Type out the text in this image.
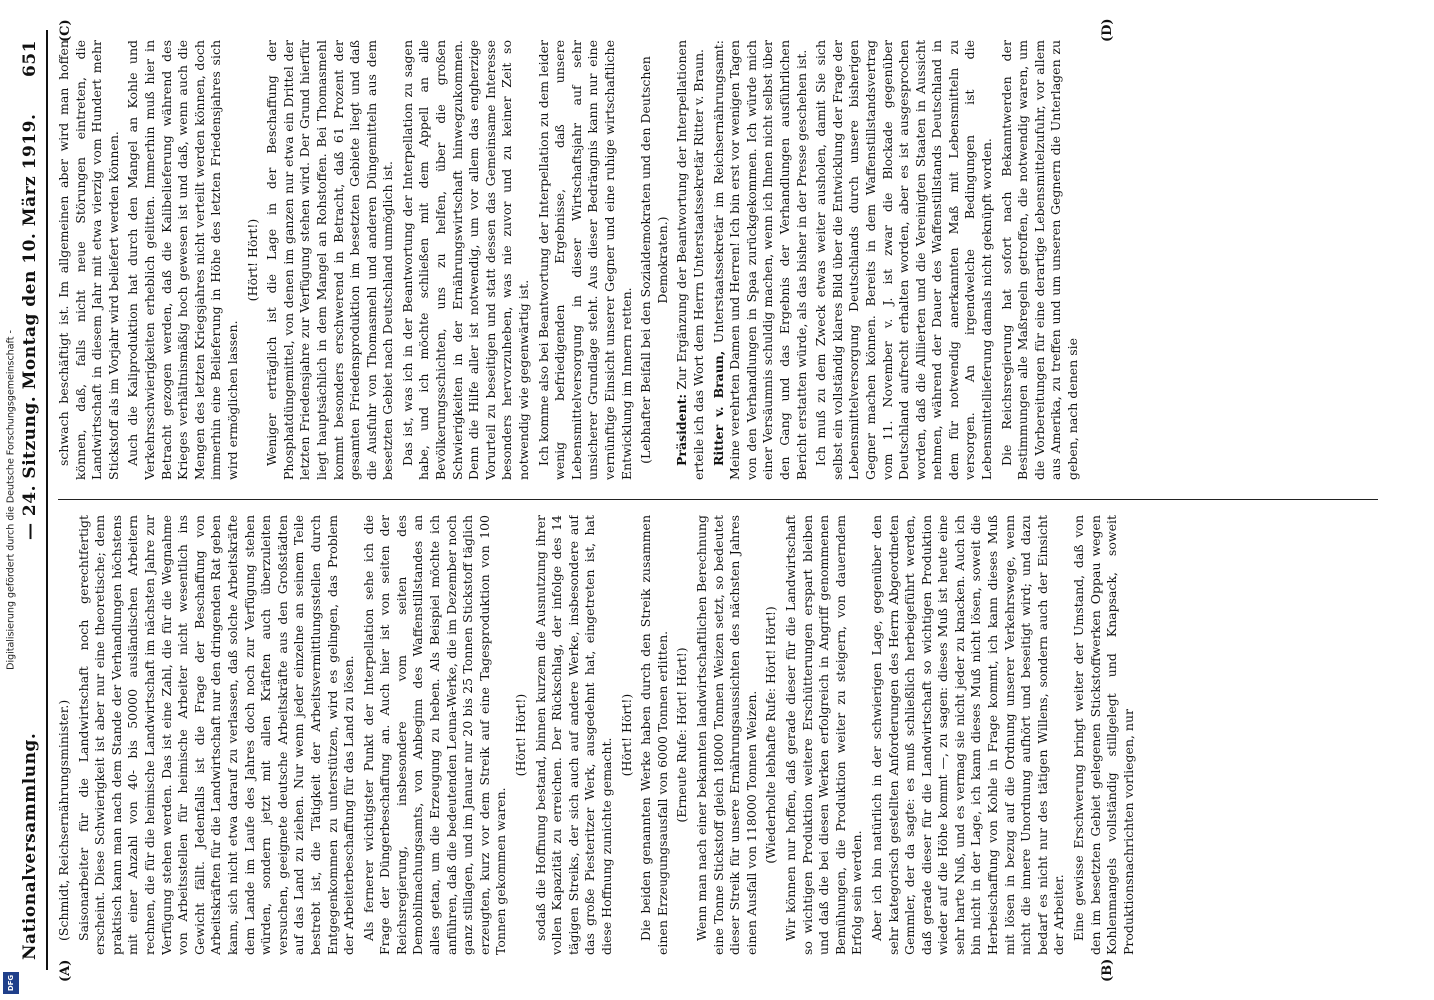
Nationalversammlung.
— 24. Sitzung. Montag den 10. März 1919.
651
(A)	(B)
(C)	(D)
(Schmidt, Reichsernährungsminister.) Saisonarbeiter für die Landwirtschaft noch gerechtfertigt erscheint. Diese Schwierigkeit ist aber nur eine theoretische; denn praktisch kann man nach dem Stande der Verhandlungen höchstens mit einer Anzahl von 40- bis 50000 ausländischen Arbeitern rechnen, die für die heimische Landwirtschaft im nächsten Jahre zur Verfügung stehen werden. Das ist eine Zahl, die für die Wegnahme von Arbeitsstellen für heimische Arbeiter nicht wesentlich ins Gewicht fällt. Jedenfalls ist die Frage der Beschaffung von Arbeitskräften für die Landwirtschaft nur den dringenden Rat geben kann, sich nicht etwa darauf zu verlassen, daß solche Arbeitskräfte dem Lande im Laufe des Jahres doch noch zur Verfügung stehen würden, sondern jetzt mit allen Kräften auch überzuleiten versuchen, geeignete deutsche Arbeitskräfte aus den Großstädten auf das Land zu ziehen. Nur wenn jeder einzelne an seinem Teile bestrebt ist, die Tätigkeit der Arbeitsvermittlungsstellen durch Entgegenkommen zu unterstützen, wird es gelingen, das Problem der Arbeiterbeschaffung für das Land zu lösen. Als fernerer wichtigster Punkt der Interpellation sehe ich die Frage der Düngerbeschaffung an. Auch hier ist von seiten der Reichsregierung, insbesondere vom seiten des Demobilmachungsamts, von Anbeginn des Waffenstillstandes an alles getan, um die Erzeugung zu heben. Als Beispiel möchte ich anführen, daß die bedeutenden Leuna-Werke, die im Dezember noch ganz stillagen, und im Januar nur 20 bis 25 Tonnen Stickstoff täglich erzeugten, kurz vor dem Streik auf eine Tagesproduktion von 100 Tonnen gekommen waren.
(Hört! Hört!) sodaß die Hoffnung bestand, binnen kurzem die Ausnutzung ihrer vollen Kapazität zu erreichen. Der Rückschlag, der infolge des 14 tägigen Streiks, der sich auch auf andere Werke, insbesondere auf das große Piesteritzer Werk, ausgedehnt hat, eingetreten ist, hat diese Hoffnung zunichte gemacht.
(Hört! Hört!) Die beiden genannten Werke haben durch den Streik zusammen einen Erzeugungsausfall von 6000 Tonnen erlitten. (Erneute Rufe: Hört! Hört!) Wenn man nach einer bekannten landwirtschaftlichen Berechnung eine Tonne Stickstoff gleich 18000 Tonnen Weizen setzt, so bedeutet dieser Streik für unsere Ernährungsaussichten des nächsten Jahres einen Ausfall von 118000 Tonnen Weizen. (Wiederholte lebhafte Rufe: Hört! Hört!) Wir können nur hoffen, daß gerade dieser für die Landwirtschaft so wichtigen Produktion weitere Erschütterungen erspart bleiben und daß die bei diesen Werken erfolgreich in Angriff genommenen Bemühungen, die Produktion weiter zu steigern, von dauerndem Erfolg sein werden. Aber ich bin natürlich in der schwierigen Lage, gegenüber den sehr kategorisch gestellten Anforderungen des Herrn Abgeordneten Gemmler, der da sagte: es muß schließlich herbeigeführt werden, daß gerade dieser für die Landwirtschaft so wichtigen Produktion wieder auf die Höhe kommt —, zu sagen: dieses Muß ist heute eine sehr harte Nuß, und es vermag sie nicht jeder zu knacken. Auch ich bin nicht in der Lage, ich kann dieses Muß nicht lösen, soweit die Herbeischaffung von Kohle in Frage kommt, ich kann dieses Muß mit lösen in bezug auf die Ordnung unserer Verkehrswege, wenn nicht die innere Unordnung aufhört und beseitigt wird; und dazu bedarf es nicht nur des tätigen Willens, sondern auch der Einsicht der Arbeiter. Eine gewisse Erschwerung bringt weiter der Umstand, daß von den im besetzten Gebiet gelegenen Stickstoffwerken Oppau wegen Kohlenmangels vollständig stillgelegt und Knapsack, soweit Produktionsnachrichten vorliegen, nur
schwach beschäftigt ist. Im allgemeinen aber wird man hoffen können, daß, falls nicht neue Störungen eintreten, die Landwirtschaft in diesem Jahr mit etwa vierzig vom Hundert mehr Stickstoff als im Vorjahr wird beliefert werden können. Auch die Kaliproduktion hat durch den Mangel an Kohle und Verkehrsschwierigkeiten erheblich gelitten. Immerhin muß hier in Betracht gezogen werden, daß die Kalibelieferung während des Krieges verhältnismäßig hoch gewesen ist und daß, wenn auch die Mengen des letzten Kriegsjahres nicht verteilt werden können, doch immerhin eine Belieferung in Höhe des letzten Friedensjahres sich wird ermöglichen lassen.
(Hört! Hört!) Weniger erträglich ist die Lage in der Beschaffung der Phosphatdüngemittel, von denen im ganzen nur etwa ein Drittel der letzten Friedensjahre zur Verfügung stehen wird. Der Grund hierfür liegt hauptsächlich in dem Mangel an Rohstoffen. Bei Thomasmehl kommt besonders erschwerend in Betracht, daß 61 Prozent der gesamten Friedensproduktion im besetzten Gebiete liegt und daß die Ausfuhr von Thomasmehl und anderen Düngemitteln aus dem besetzten Gebiet nach Deutschland unmöglich ist. Das ist, was ich in der Beantwortung der Interpellation zu sagen habe, und ich möchte schließen mit dem Appell an alle Bevölkerungsschichten, uns zu helfen, über die großen Schwierigkeiten in der Ernährungswirtschaft hinwegzukommen. Denn die Hilfe aller ist notwendig, um vor allem das engherzige Vorurteil zu beseitigen und statt dessen das Gemeinsame Interesse besonders hervorzuheben, was nie zuvor und zu keiner Zeit so notwendig wie gegenwärtig ist. Ich komme also bei Beantwortung der Interpellation zu dem leider wenig befriedigenden Ergebnisse, daß unsere Lebensmittelversorgung in dieser Wirtschaftsjahr auf sehr unsicherer Grundlage steht. Aus dieser Bedrängnis kann nur eine vernünftige Einsicht unserer Gegner und eine ruhige wirtschaftliche Entwicklung im Innern retten. (Lebhafter Beifall bei den Sozialdemokraten und den Deutschen Demokraten.)
Präsident: Zur Ergänzung der Beantwortung der Interpellationen erteile ich das Wort dem Herrn Unterstaatssekretär Ritter v. Braun. Ritter v. Braun, Unterstaatssekretär im Reichsernährungsamt: Meine verehrten Damen und Herren! Ich bin erst vor wenigen Tagen von den Verhandlungen in Spaa zurückgekommen. Ich würde mich einer Versäumnis schuldig machen, wenn ich Ihnen nicht selbst über den Gang und das Ergebnis der Verhandlungen ausführlichen Bericht erstatten würde, als das bisher in der Presse geschehen ist. Ich muß zu dem Zweck etwas weiter ausholen, damit Sie sich selbst ein vollständig klares Bild über die Entwicklung der Frage der Lebensmittelversorgung Deutschlands durch unsere bisherigen Gegner machen können. Bereits in dem Waffenstillstandsvertrag vom 11. November v. J. ist zwar die Blockade gegenüber Deutschland aufrecht erhalten worden, aber es ist ausgesprochen worden, daß die Alliierten und die Vereinigten Staaten in Aussicht nehmen, während der Dauer des Waffenstillstands Deutschland in dem für notwendig anerkannten Maß mit Lebensmitteln zu versorgen. An irgendwelche Bedingungen ist die Lebensmittellieferung damals nicht geknüpft worden. Die Reichsregierung hat sofort nach Bekanntwerden der Bestimmungen alle Maßregeln getroffen, die notwendig waren, um die Vorbereitungen für eine derartige Lebensmittelzufuhr, vor allem aus Amerika, zu treffen und um unseren Gegnern die Unterlagen zu geben, nach denen sie
Digitalisierung gefördert durch die Deutsche Forschungsgemeinschaft -
DFG
